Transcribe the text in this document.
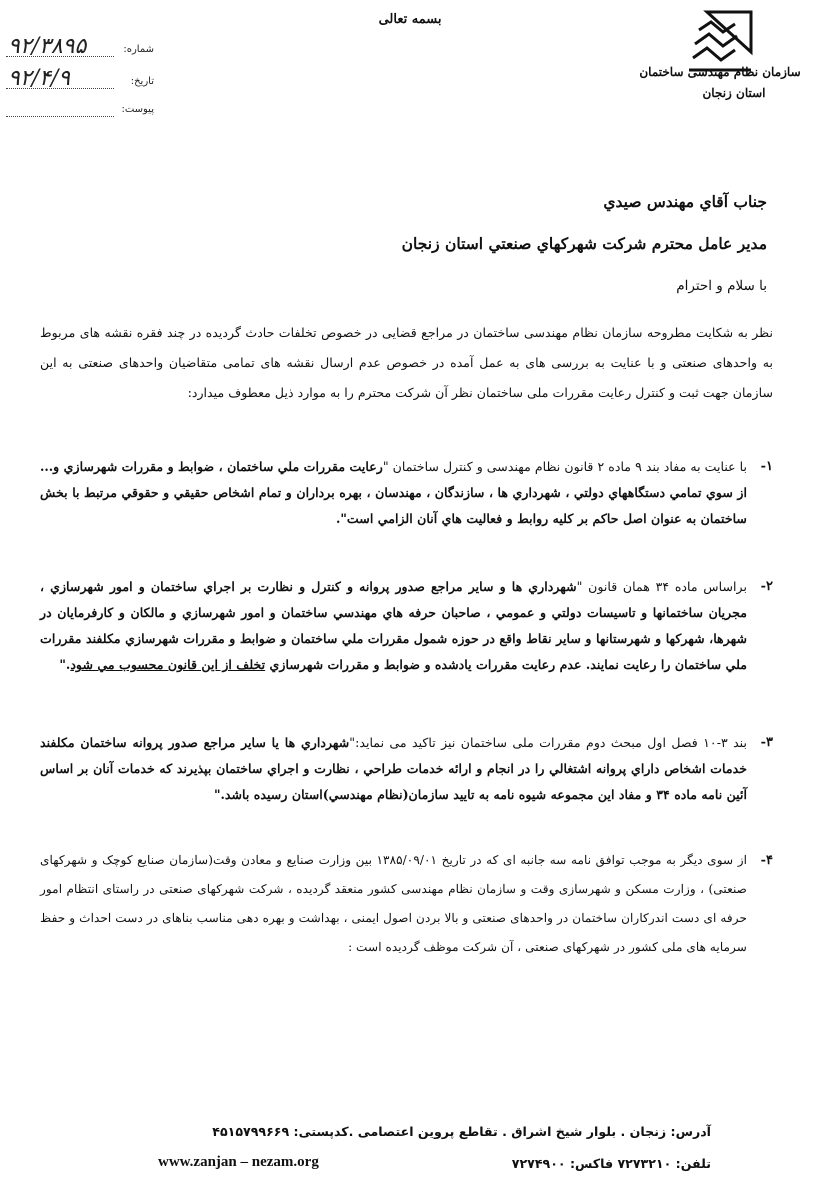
بسمه تعالی
سازمان نظام مهندسی ساختمان
استان زنجان
شماره:
۹۲/۳۸۹۵
تاریخ:
۹۲/۴/۹
پیوست:
جناب آقاي مهندس صيدي
مدير عامل محترم شركت شهركهاي صنعتي استان زنجان
با سلام و احترام
نظر به شکایت مطروحه سازمان نظام مهندسی ساختمان در مراجع قضایی در خصوص تخلفات حادث گردیده در چند فقره نقشه های مربوط به واحدهای صنعتی و با عنایت به بررسی های به عمل آمده در خصوص عدم ارسال نقشه های تمامی متقاضیان واحدهای صنعتی به این سازمان جهت ثبت و کنترل رعایت مقررات ملی ساختمان نظر آن شرکت محترم را به موارد ذیل معطوف میدارد:
۱-
با عنایت به مفاد بند ۹ ماده ۲ قانون نظام مهندسی و کنترل ساختمان "رعايت مقررات ملي ساختمان ، ضوابط و مقررات شهرسازي و... از سوي تمامي دستگاههاي دولتي ، شهرداري ها ، سازندگان ، مهندسان ، بهره برداران و تمام اشخاص حقيقي و حقوقي مرتبط با بخش ساختمان به عنوان اصل حاكم بر كليه روابط و فعاليت هاي آنان الزامي است".
۲-
براساس ماده ۳۴ همان قانون "شهرداري ها و ساير مراجع صدور پروانه و كنترل و نظارت بر اجراي ساختمان و امور شهرسازي ، مجريان ساختمانها و تاسيسات دولتي و عمومي ، صاحبان حرفه هاي مهندسي ساختمان و امور شهرسازي و مالكان و كارفرمايان در شهرها، شهركها و شهرستانها و ساير نقاط واقع در حوزه شمول مقررات ملي ساختمان و ضوابط و مقررات شهرسازي مكلفند مقررات ملي ساختمان را رعايت نمايند. عدم رعايت مقررات يادشده و ضوابط و مقررات شهرسازي تخلف از اين قانون محسوب مي شود."
۳-
بند ۳-۱۰ فصل اول مبحث دوم مقررات ملی ساختمان نیز تاکید می نماید:"شهرداري ها يا ساير مراجع صدور پروانه ساختمان مكلفند خدمات اشخاص داراي پروانه اشتغالي را در انجام و ارائه خدمات طراحي ، نظارت و اجراي ساختمان بپذيرند كه خدمات آنان بر اساس آئين نامه ماده ۳۴ و مفاد اين مجموعه شيوه نامه به تاييد سازمان(نظام مهندسي)استان رسيده باشد."
۴-
از سوی دیگر به موجب توافق نامه سه جانبه ای که در تاریخ ۱۳۸۵/۰۹/۰۱ بین وزارت صنایع و معادن وقت(سازمان صنایع کوچک و شهرکهای صنعتی) ، وزارت مسکن و شهرسازی وقت و سازمان نظام مهندسی کشور منعقد گردیده ، شرکت شهرکهای صنعتی در راستای انتظام امور حرفه ای دست اندرکاران ساختمان در واحدهای صنعتی و بالا بردن اصول ایمنی ، بهداشت و بهره دهی مناسب بناهای در دست احداث و حفظ سرمایه های ملی کشور در شهرکهای صنعتی ، آن شرکت موظف گردیده است :
آدرس: زنجان . بلوار شیخ اشراق . تقاطع پروین اعتصامی .کدپستی: ۴۵۱۵۷۹۹۶۶۹
تلفن: ۷۲۷۳۲۱۰ فاکس: ۷۲۷۴۹۰۰
www.zanjan – nezam.org
